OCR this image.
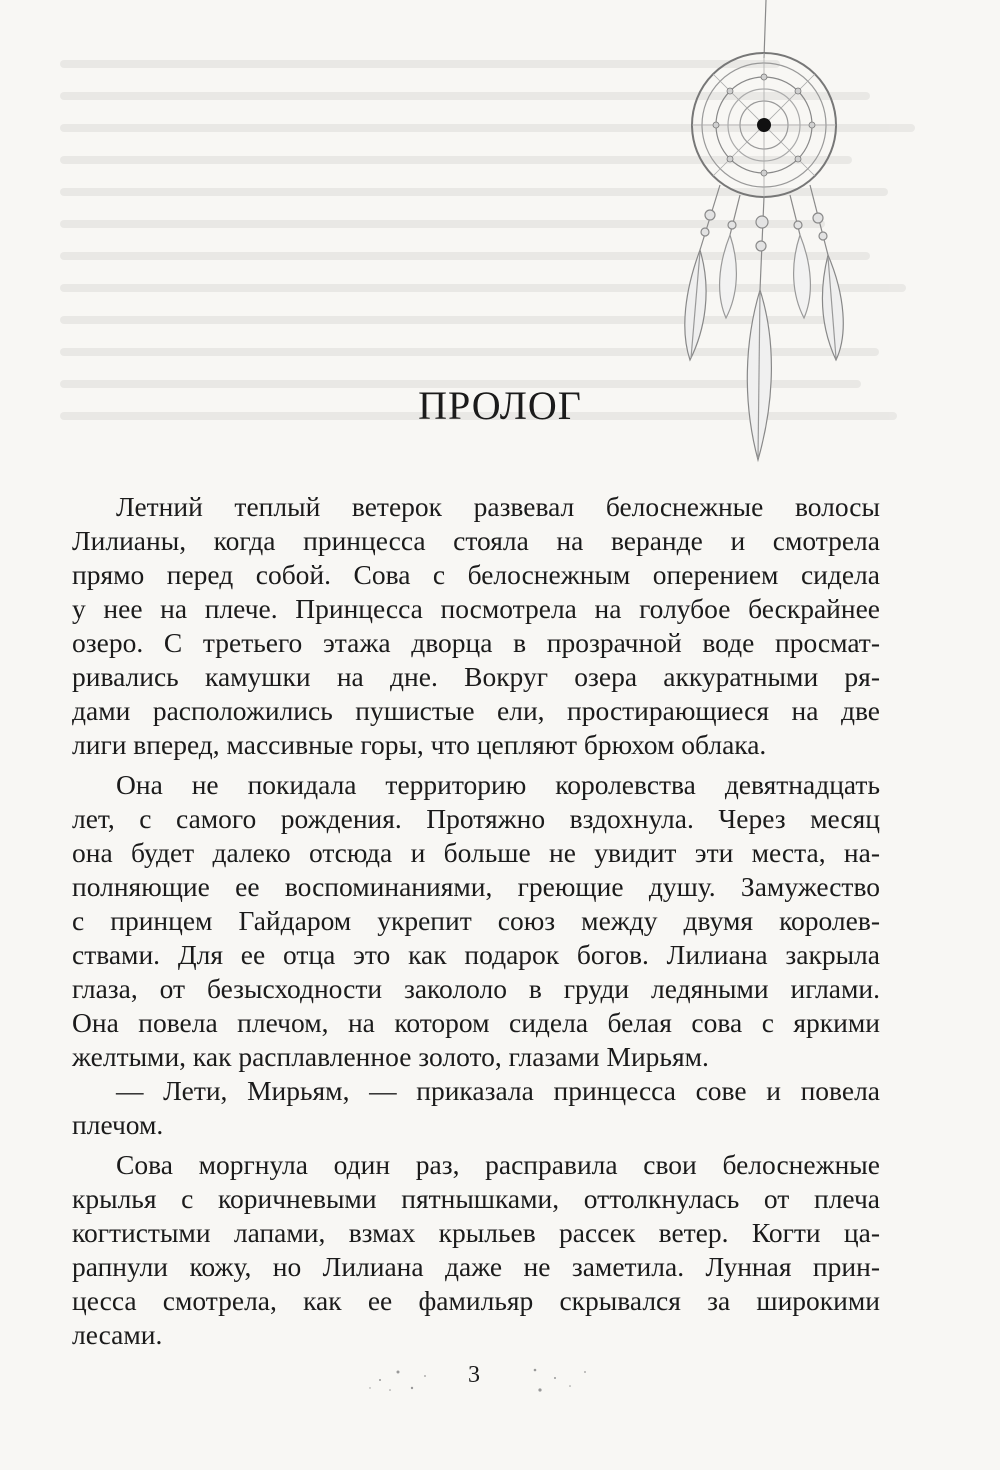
ПРОЛОГ
Летний теплый ветерок развевал белоснежные волосы
Лилианы, когда принцесса стояла на веранде и смотрела
прямо перед собой. Сова с белоснежным оперением сидела
у нее на плече. Принцесса посмотрела на голубое бескрайнее
озеро. С третьего этажа дворца в прозрачной воде просмат-
ривались камушки на дне. Вокруг озера аккуратными ря-
дами расположились пушистые ели, простирающиеся на две
лиги вперед, массивные горы, что цепляют брюхом облака.
Она не покидала территорию королевства девятнадцать
лет, с самого рождения. Протяжно вздохнула. Через месяц
она будет далеко отсюда и больше не увидит эти места, на-
полняющие ее воспоминаниями, греющие душу. Замужество
с принцем Гайдаром укрепит союз между двумя королев-
ствами. Для ее отца это как подарок богов. Лилиана закрыла
глаза, от безысходности закололо в груди ледяными иглами.
Она повела плечом, на котором сидела белая сова с яркими
желтыми, как расплавленное золото, глазами Мирьям.
— Лети, Мирьям, — приказала принцесса сове и повела
плечом.
Сова моргнула один раз, расправила свои белоснежные
крылья с коричневыми пятнышками, оттолкнулась от плеча
когтистыми лапами, взмах крыльев рассек ветер. Когти ца-
рапнули кожу, но Лилиана даже не заметила. Лунная прин-
цесса смотрела, как ее фамильяр скрывался за широкими
лесами.

3
